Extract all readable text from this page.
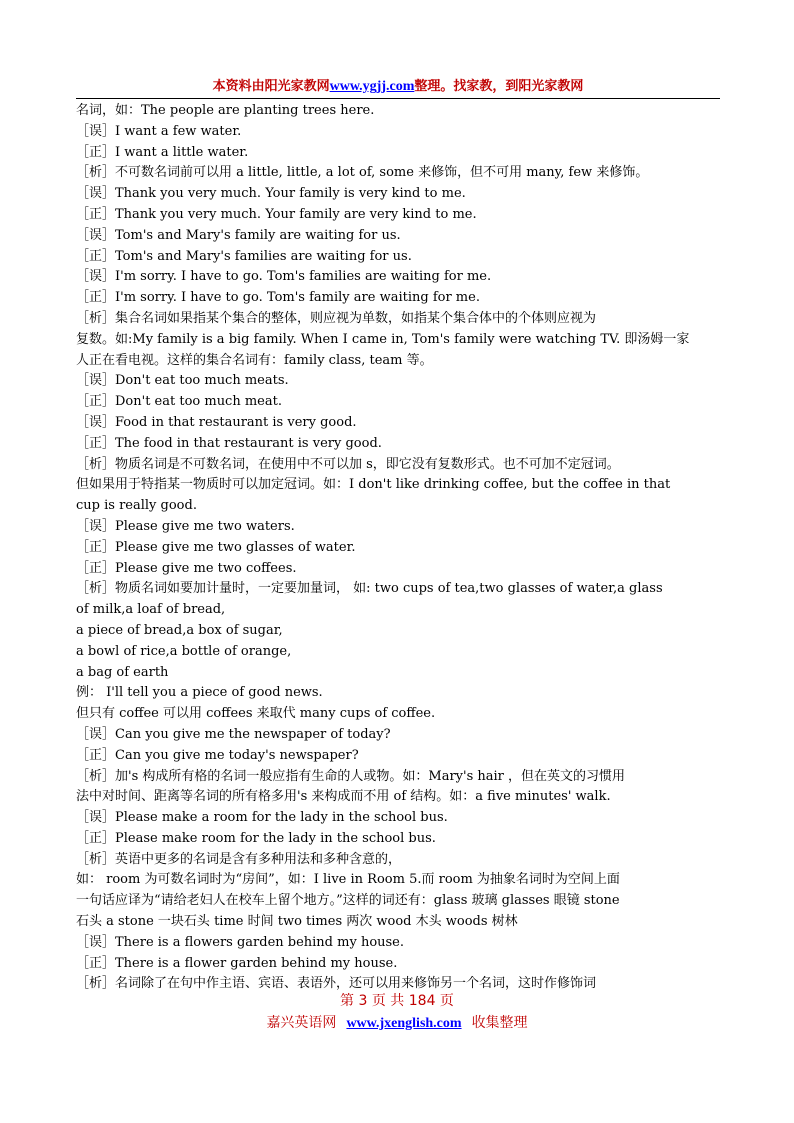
本资料由阳光家教网www.ygjj.com整理。找家教，到阳光家教网
名词，如：The people are planting trees here.
［误］I want a few water.
［正］I want a little water.
［析］不可数名词前可以用 a little, little, a lot of, some 来修饰，但不可用 many, few 来修饰。
［误］Thank you very much. Your family is very kind to me.
［正］Thank you very much. Your family are very kind to me.
［误］Tom's and Mary's family are waiting for us.
［正］Tom's and Mary's families are waiting for us.
［误］I'm sorry. I have to go. Tom's families are waiting for me.
［正］I'm sorry. I have to go. Tom's family are waiting for me.
［析］集合名词如果指某个集合的整体，则应视为单数，如指某个集合体中的个体则应视为
复数。如:My family is a big family. When I came in, Tom's family were watching TV. 即汤姆一家
人正在看电视。这样的集合名词有：family class, team 等。
［误］Don't eat too much meats.
［正］Don't eat too much meat.
［误］Food in that restaurant is very good.
［正］The food in that restaurant is very good.
［析］物质名词是不可数名词，在使用中不可以加 s，即它没有复数形式。也不可加不定冠词。
但如果用于特指某一物质时可以加定冠词。如：I don't like drinking coffee, but the coffee in that
cup is really good.
［误］Please give me two waters.
［正］Please give me two glasses of water.
［正］Please give me two coffees.
［析］物质名词如要加计量时，一定要加量词， 如: two cups of tea,two glasses of water,a glass
of milk,a loaf of bread,
a piece of bread,a box of sugar,
a bowl of rice,a bottle of orange,
a bag of earth
例： I'll tell you a piece of good news.
但只有 coffee 可以用 coffees 来取代 many cups of coffee.
［误］Can you give me the newspaper of today?
［正］Can you give me today's newspaper?
［析］加's 构成所有格的名词一般应指有生命的人或物。如：Mary's hair ，但在英文的习惯用
法中对时间、距离等名词的所有格多用's 来构成而不用 of 结构。如：a five minutes' walk.
［误］Please make a room for the lady in the school bus.
［正］Please make room for the lady in the school bus.
［析］英语中更多的名词是含有多种用法和多种含意的，
如： room 为可数名词时为“房间”，如：I live in Room 5.而 room 为抽象名词时为空间上面
一句话应译为“请给老妇人在校车上留个地方。”这样的词还有：glass 玻璃 glasses 眼镜 stone
石头 a stone 一块石头 time 时间 two times 两次 wood 木头 woods 树林
［误］There is a flowers garden behind my house.
［正］There is a flower garden behind my house.
［析］名词除了在句中作主语、宾语、表语外，还可以用来修饰另一个名词，这时作修饰词
第 3 页 共 184 页
嘉兴英语网 www.jxenglish.com 收集整理
